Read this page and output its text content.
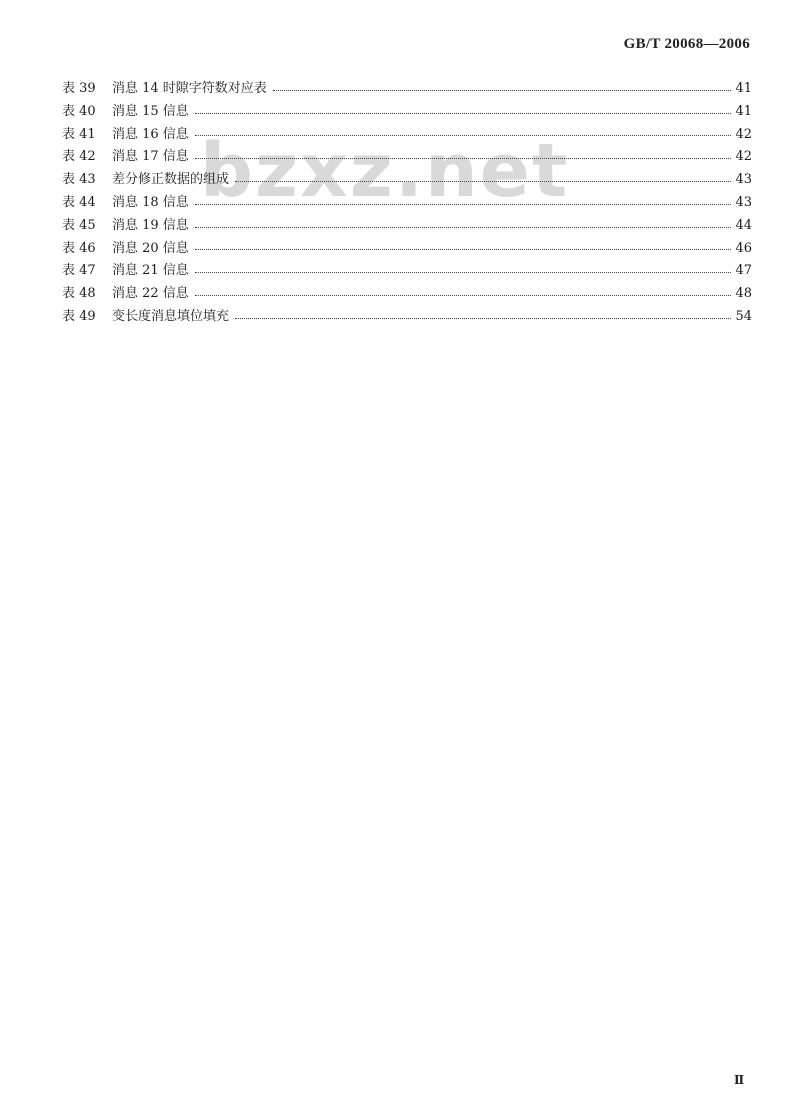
GB/T 20068—2006
bzxz.net
表 39	消息 14 时隙字符数对应表	41
表 40	消息 15 信息	41
表 41	消息 16 信息	42
表 42	消息 17 信息	42
表 43	差分修正数据的组成	43
表 44	消息 18 信息	43
表 45	消息 19 信息	44
表 46	消息 20 信息	46
表 47	消息 21 信息	47
表 48	消息 22 信息	48
表 49	变长度消息填位填充	54
Ⅱ
